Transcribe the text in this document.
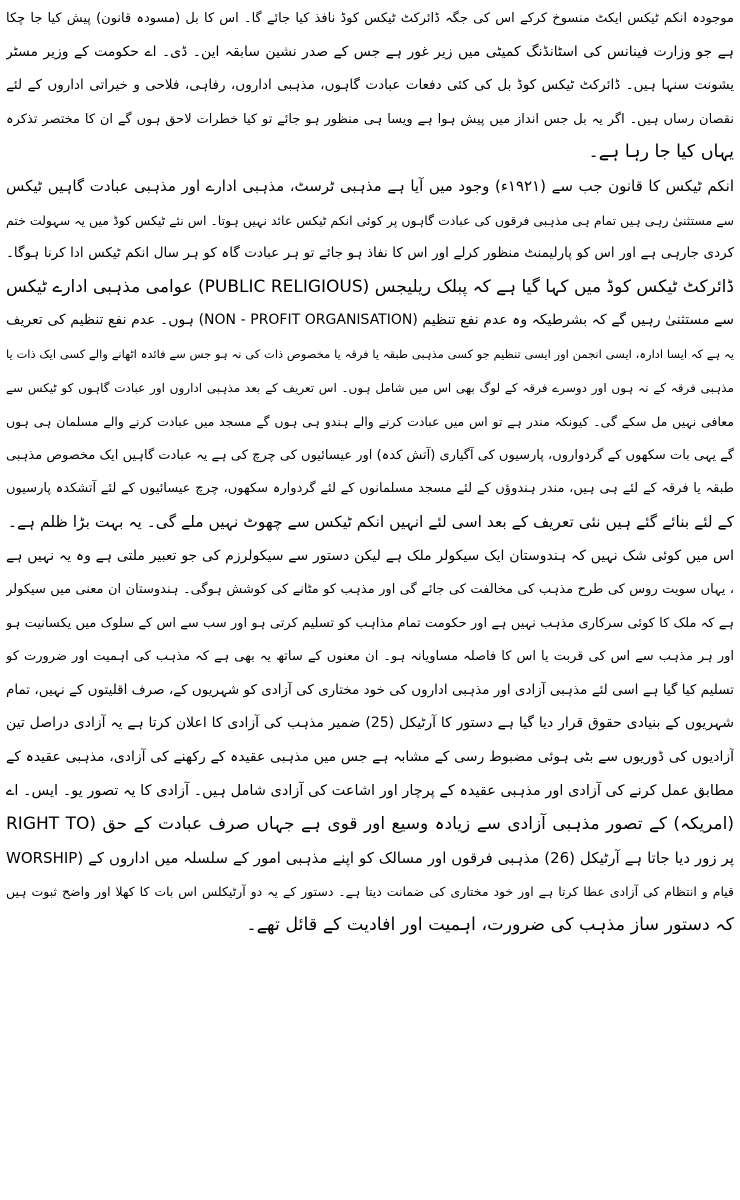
موجودہ انکم ٹیکس ایکٹ منسوخ کرکے اس کی جگہ ڈائرکٹ ٹیکس کوڈ نافذ کیا جائے گا۔ اس کا بل (مسودہ قانون) پیش کیا جا چکا
ہے جو وزارت فینانس کی اسٹانڈنگ کمیٹی میں زیر غور ہے جس کے صدر نشین سابقہ این۔ ڈی۔ اے حکومت کے وزیر مسٹر
یشونت سنہا ہیں۔ ڈائرکٹ ٹیکس کوڈ بل کی کئی دفعات عبادت گاہوں، مذہبی اداروں، رفاہی، فلاحی و خیراتی اداروں کے لئے
نقصان رساں ہیں۔ اگر یہ بل جس انداز میں پیش ہوا ہے ویسا ہی منظور ہو جائے تو کیا خطرات لاحق ہوں گے ان کا مختصر تذکرہ
یہاں کیا جا رہا ہے۔
انکم ٹیکس کا قانون جب سے (۱۹۲۱ء) وجود میں آیا ہے مذہبی ٹرسٹ، مذہبی ادارے اور مذہبی عبادت گاہیں ٹیکس
سے مستثنیٰ رہی ہیں تمام ہی مذہبی فرقوں کی عبادت گاہوں پر کوئی انکم ٹیکس عائد نہیں ہوتا۔ اس نئے ٹیکس کوڈ میں یہ سہولت ختم
کردی جارہی ہے اور اس کو پارلیمنٹ منظور کرلے اور اس کا نفاذ ہو جائے تو ہر عبادت گاہ کو ہر سال انکم ٹیکس ادا کرنا ہوگا۔
ڈائرکٹ ٹیکس کوڈ میں کہا گیا ہے کہ پبلک ریلیجس (PUBLIC RELIGIOUS) عوامی مذہبی ادارے ٹیکس
سے مستثنیٰ رہیں گے کہ بشرطیکہ وہ عدم نفع تنظیم (NON - PROFIT ORGANISATION) ہوں۔ عدم نفع تنظیم کی تعریف
یہ ہے کہ ایسا ادارہ، ایسی انجمن اور ایسی تنظیم جو کسی مذہبی طبقہ یا فرقہ یا مخصوص ذات کی نہ ہو جس سے فائدہ اٹھانے والے کسی ایک ذات یا
مذہبی فرقہ کے نہ ہوں اور دوسرے فرقہ کے لوگ بھی اس میں شامل ہوں۔ اس تعریف کے بعد مذہبی اداروں اور عبادت گاہوں کو ٹیکس سے
معافی نہیں مل سکے گی۔ کیونکہ مندر ہے تو اس میں عبادت کرنے والے ہندو ہی ہوں گے مسجد میں عبادت کرنے والے مسلمان ہی ہوں
گے یہی بات سکھوں کے گردواروں، پارسیوں کی آگیاری (آتش کدہ) اور عیسائیوں کی چرچ کی ہے یہ عبادت گاہیں ایک مخصوص مذہبی
طبقہ یا فرقہ کے لئے ہی ہیں، مندر ہندوؤں کے لئے مسجد مسلمانوں کے لئے گردوارہ سکھوں، چرچ عیسائیوں کے لئے آتشکدہ پارسیوں
کے لئے بنائے گئے ہیں نئی تعریف کے بعد اسی لئے انہیں انکم ٹیکس سے چھوٹ نہیں ملے گی۔ یہ بہت بڑا ظلم ہے۔
اس میں کوئی شک نہیں کہ ہندوستان ایک سیکولر ملک ہے لیکن دستور سے سیکولرزم کی جو تعبیر ملتی ہے وہ یہ نہیں ہے
، یہاں سویت روس کی طرح مذہب کی مخالفت کی جائے گی اور مذہب کو مٹانے کی کوشش ہوگی۔ ہندوستان ان معنی میں سیکولر
ہے کہ ملک کا کوئی سرکاری مذہب نہیں ہے اور حکومت تمام مذاہب کو تسلیم کرتی ہو اور سب سے اس کے سلوک میں یکسانیت ہو
اور ہر مذہب سے اس کی قربت یا اس کا فاصلہ مساویانہ ہو۔ ان معنوں کے ساتھ یہ بھی ہے کہ مذہب کی اہمیت اور ضرورت کو
تسلیم کیا گیا ہے اسی لئے مذہبی آزادی اور مذہبی اداروں کی خود مختاری کی آزادی کو شہریوں کے، صرف اقلیتوں کے نہیں، تمام
شہریوں کے بنیادی حقوق قرار دیا گیا ہے دستور کا آرٹیکل (25) ضمیر مذہب کی آزادی کا اعلان کرتا ہے یہ آزادی دراصل تین
آزادیوں کی ڈوریوں سے بٹی ہوئی مضبوط رسی کے مشابہ ہے جس میں مذہبی عقیدہ کے رکھنے کی آزادی، مذہبی عقیدہ کے
مطابق عمل کرنے کی آزادی اور مذہبی عقیدہ کے پرچار اور اشاعت کی آزادی شامل ہیں۔ آزادی کا یہ تصور یو۔ ایس۔ اے
(امریکہ) کے تصور مذہبی آزادی سے زیادہ وسیع اور قوی ہے جہاں صرف عبادت کے حق (RIGHT TO
WORSHIP) پر زور دیا جاتا ہے آرٹیکل (26) مذہبی فرقوں اور مسالک کو اپنے مذہبی امور کے سلسلہ میں اداروں کے
قیام و انتظام کی آزادی عطا کرتا ہے اور خود مختاری کی ضمانت دیتا ہے۔ دستور کے یہ دو آرٹیکلس اس بات کا کھلا اور واضح ثبوت ہیں
کہ دستور ساز مذہب کی ضرورت، اہمیت اور افادیت کے قائل تھے۔
